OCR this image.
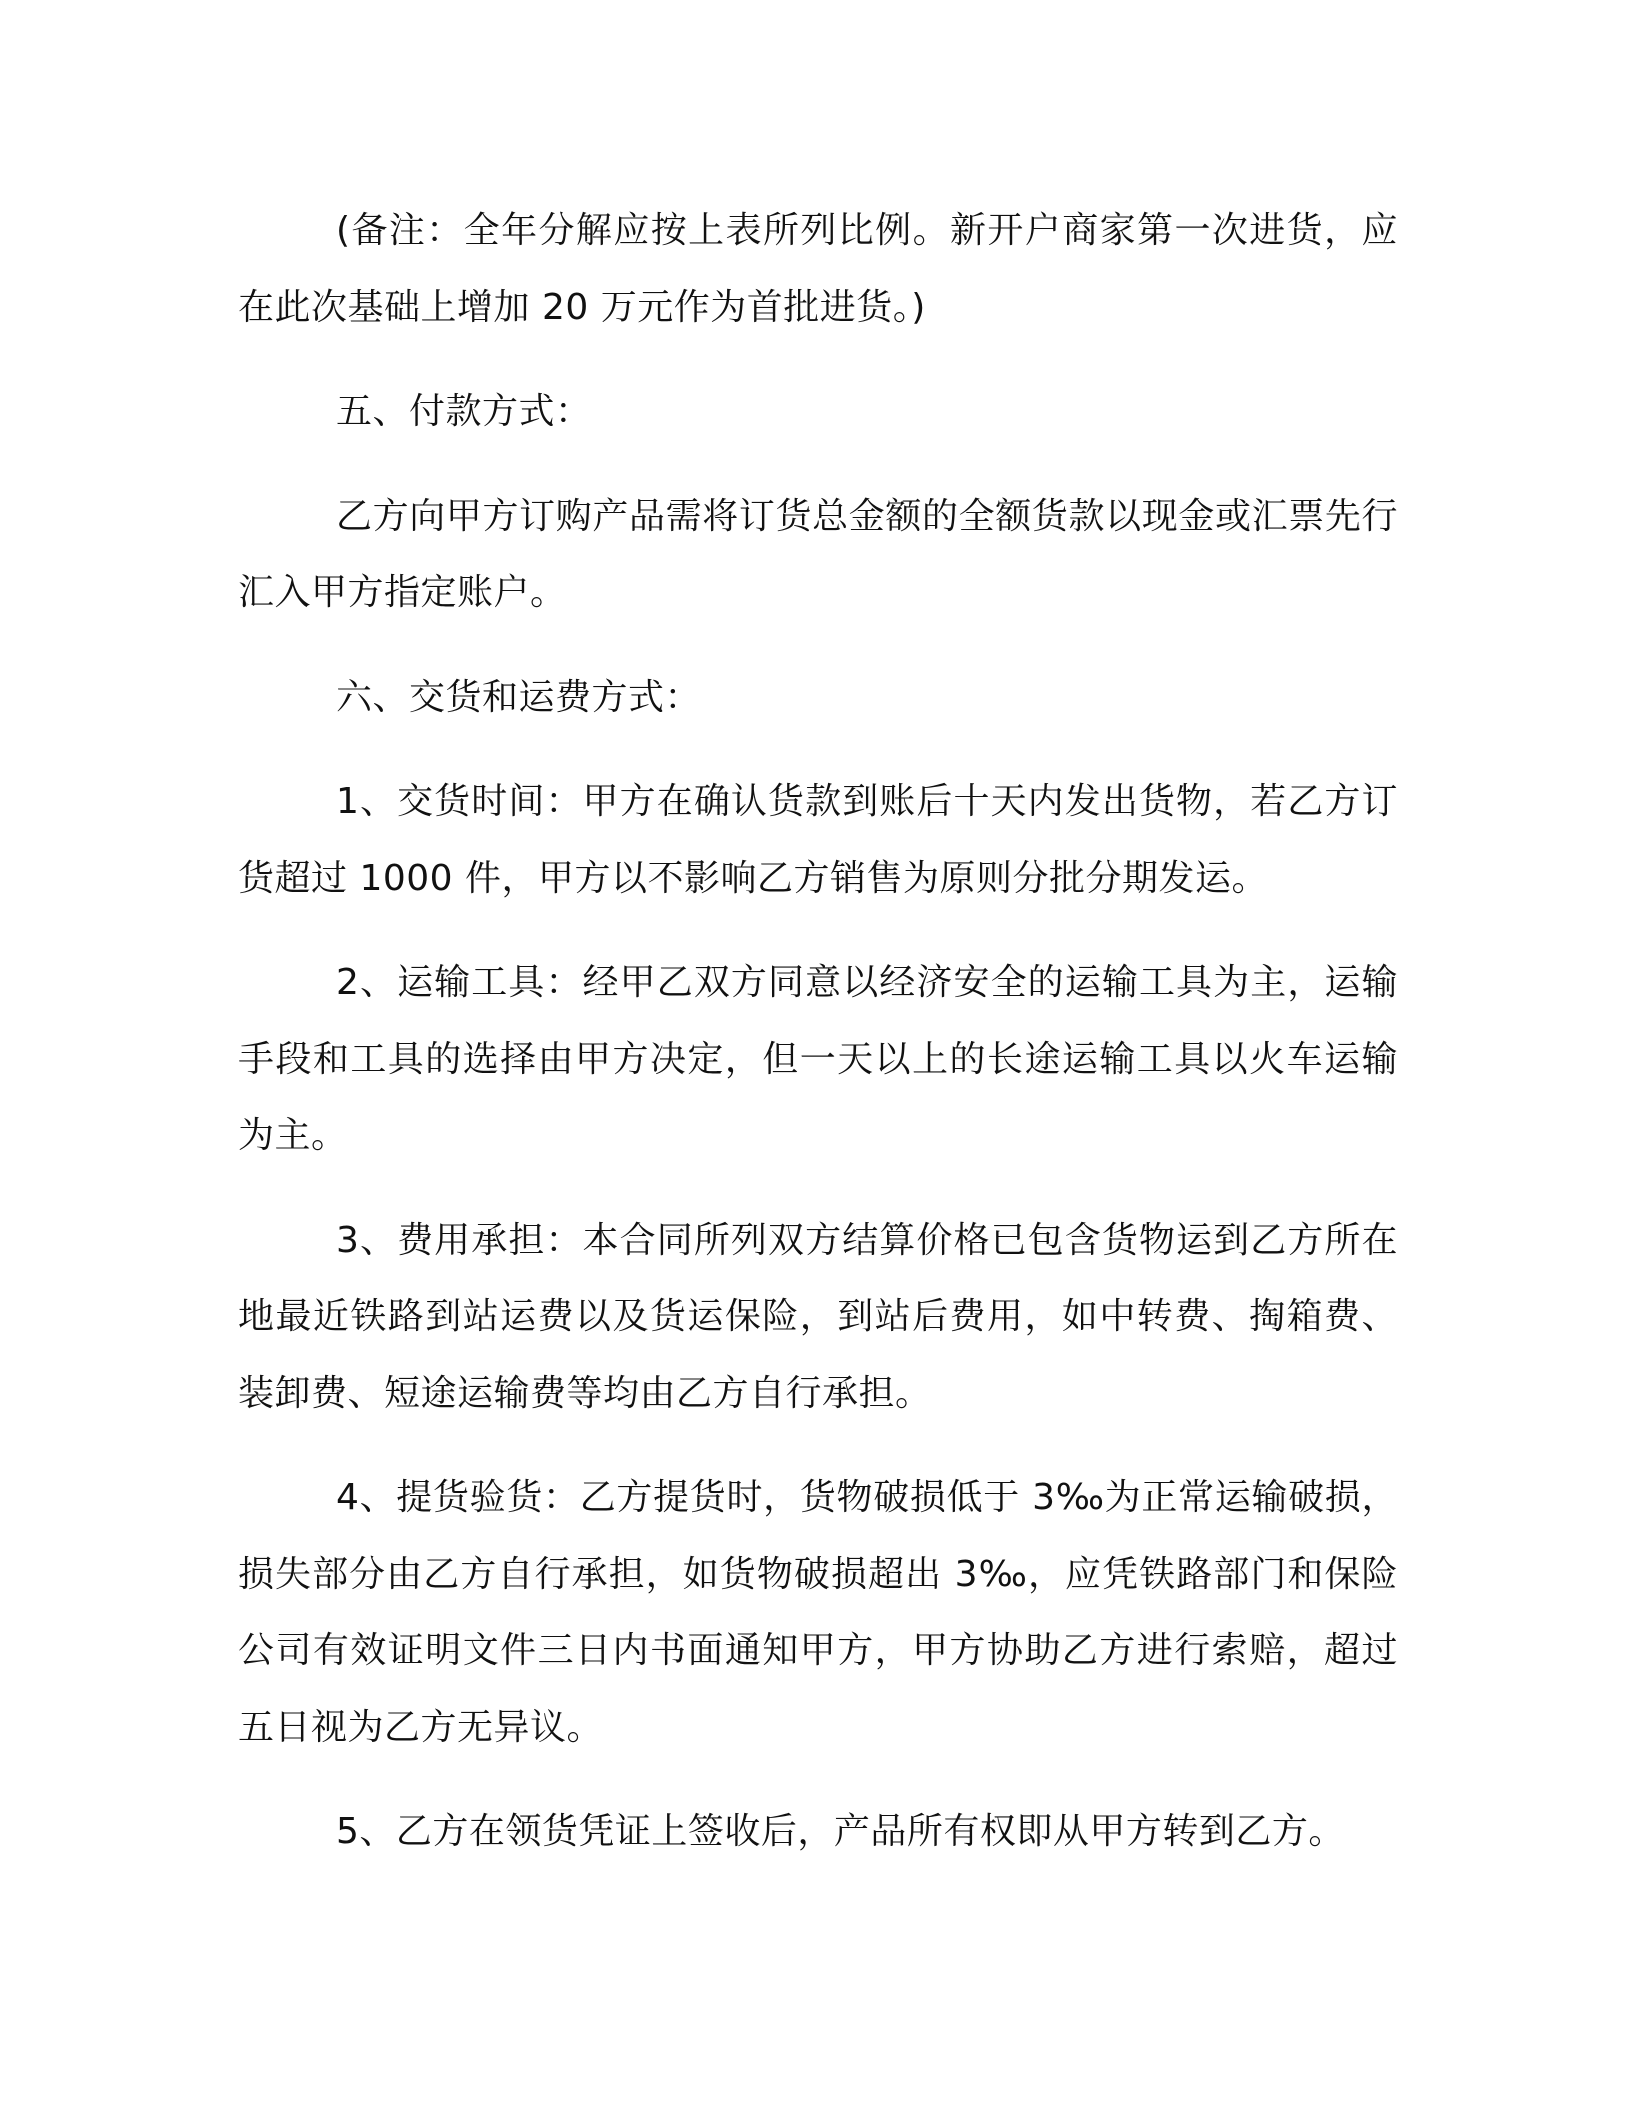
(备注：全年分解应按上表所列比例。新开户商家第一次进货，应在此次基础上增加 20 万元作为首批进货。)

五、付款方式：

乙方向甲方订购产品需将订货总金额的全额货款以现金或汇票先行汇入甲方指定账户。

六、交货和运费方式：

1、交货时间：甲方在确认货款到账后十天内发出货物，若乙方订货超过 1000 件，甲方以不影响乙方销售为原则分批分期发运。

2、运输工具：经甲乙双方同意以经济安全的运输工具为主，运输手段和工具的选择由甲方决定，但一天以上的长途运输工具以火车运输为主。

3、费用承担：本合同所列双方结算价格已包含货物运到乙方所在地最近铁路到站运费以及货运保险，到站后费用，如中转费、掏箱费、装卸费、短途运输费等均由乙方自行承担。

4、提货验货：乙方提货时，货物破损低于 3‰为正常运输破损，损失部分由乙方自行承担，如货物破损超出 3‰，应凭铁路部门和保险公司有效证明文件三日内书面通知甲方，甲方协助乙方进行索赔，超过五日视为乙方无异议。

5、乙方在领货凭证上签收后，产品所有权即从甲方转到乙方。
